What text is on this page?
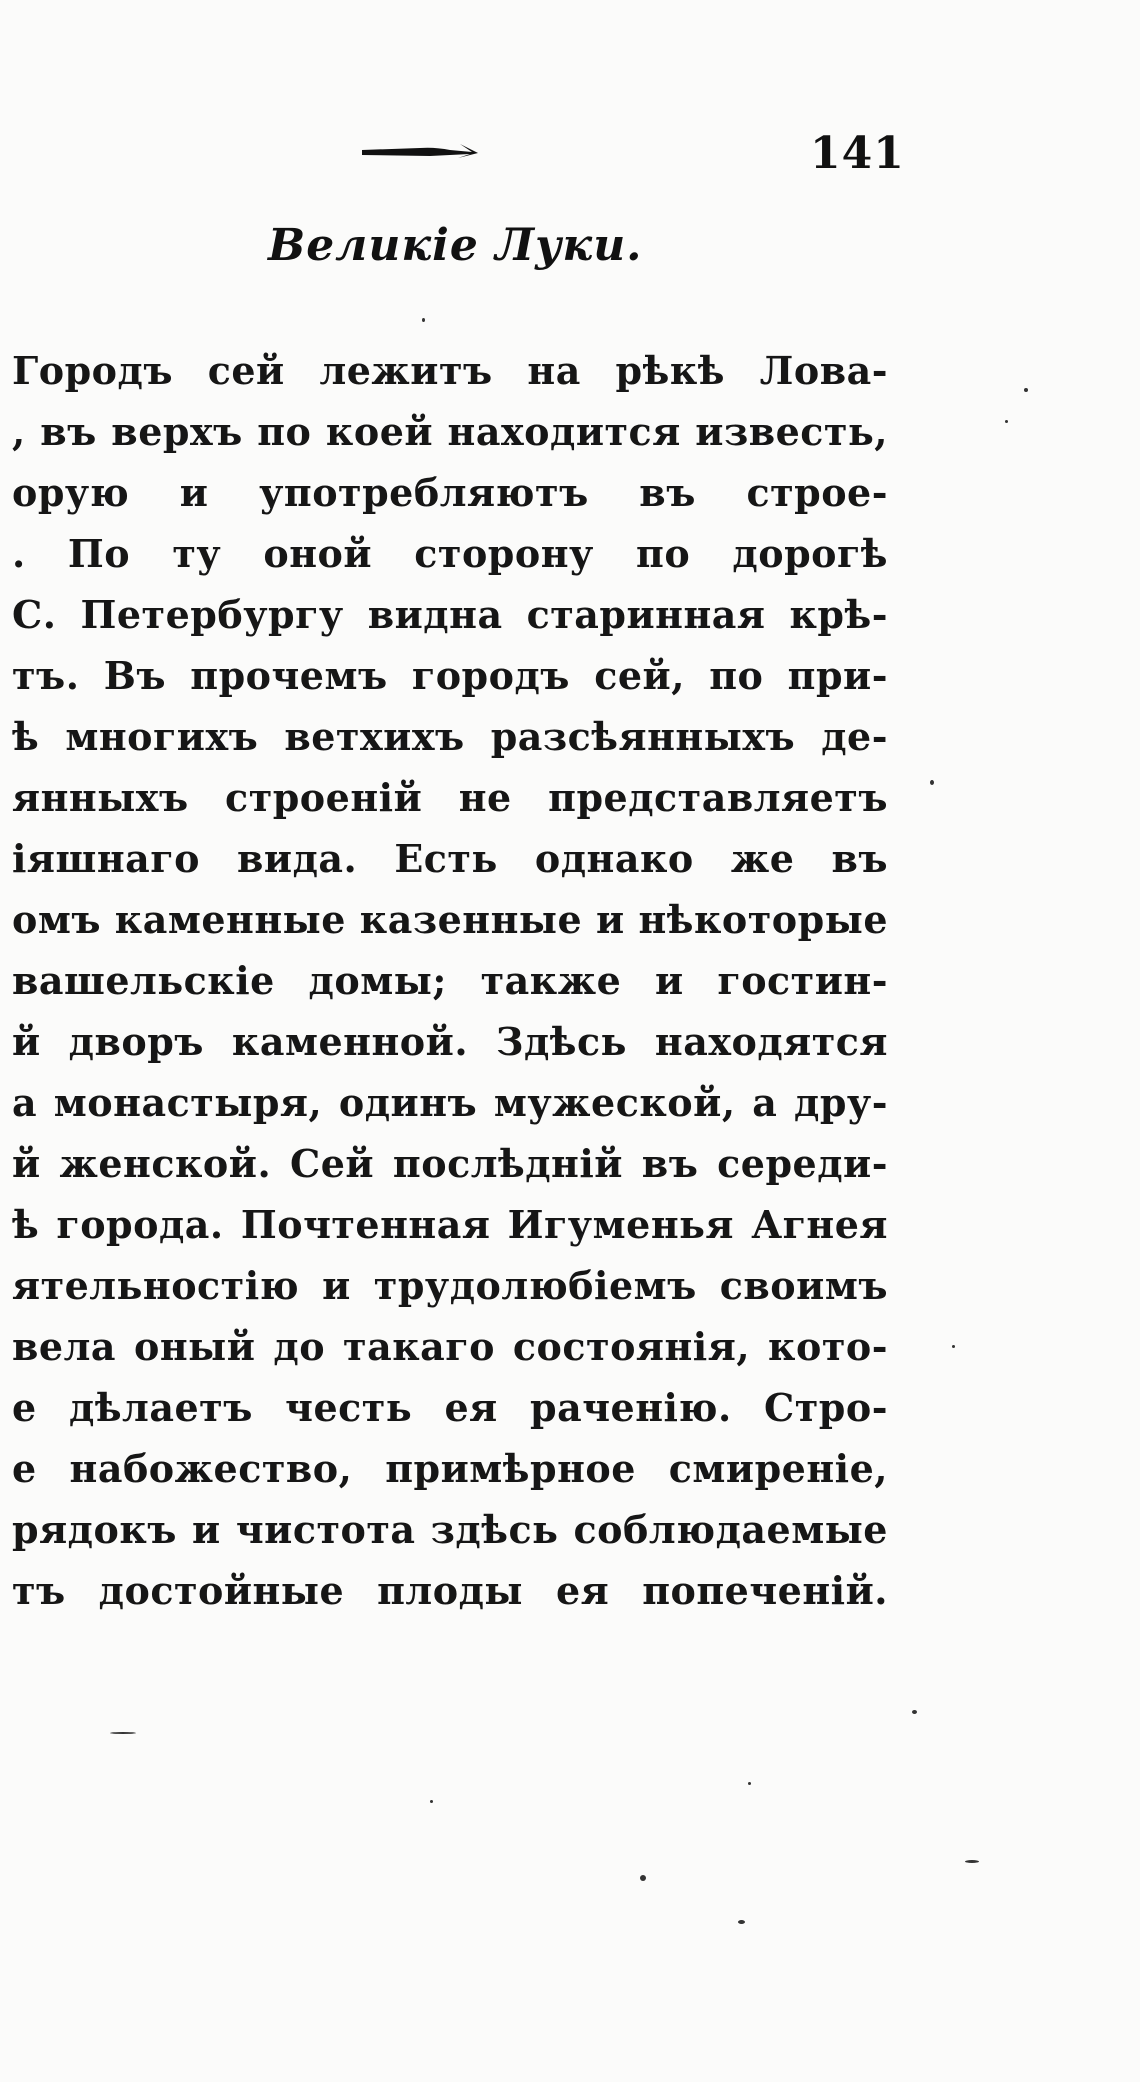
141
Великiе Луки.
Городъ сей лежитъ на рѣкѣ Лова-
, въ верхъ по коей находится известь,
орую и употребляютъ въ строе-
. По ту оной сторону по дорогѣ
С. Петербургу видна старинная крѣ-
тъ. Въ прочемъ городъ сей, по при-
ѣ многихъ ветхихъ разсѣянныхъ де-
янныхъ строенiй не представляетъ
iяшнаго вида. Есть однако же въ
омъ каменные казенные и нѣкоторые
вашельскiе домы; также и гостин-
й дворъ каменной. Здѣсь находятся
а монастыря, одинъ мужеской, а дру-
й женской. Сей послѣднiй въ середи-
ѣ города. Почтенная Игуменья Агнея
ятельностiю и трудолюбiемъ своимъ
вела оный до такаго состоянiя, кото-
е дѣлаетъ честь ея раченiю. Стро-
е набожество, примѣрное смиренiе,
рядокъ и чистота здѣсь соблюдаемые
тъ достойные плоды ея попеченiй.
